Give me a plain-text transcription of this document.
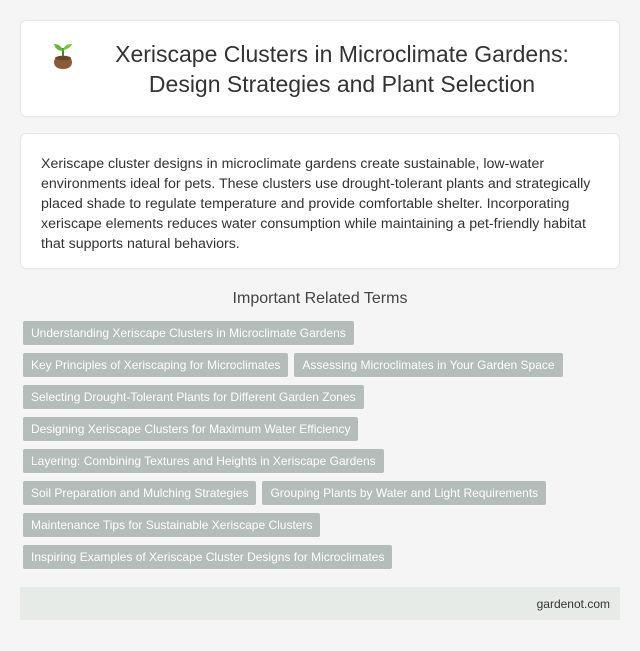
Xeriscape Clusters in Microclimate Gardens: Design Strategies and Plant Selection

Xeriscape cluster designs in microclimate gardens create sustainable, low-water environments ideal for pets. These clusters use drought-tolerant plants and strategically placed shade to regulate temperature and provide comfortable shelter. Incorporating xeriscape elements reduces water consumption while maintaining a pet-friendly habitat that supports natural behaviors.

Important Related Terms
Understanding Xeriscape Clusters in Microclimate Gardens
Key Principles of Xeriscaping for Microclimates	Assessing Microclimates in Your Garden Space
Selecting Drought-Tolerant Plants for Different Garden Zones
Designing Xeriscape Clusters for Maximum Water Efficiency
Layering: Combining Textures and Heights in Xeriscape Gardens
Soil Preparation and Mulching Strategies	Grouping Plants by Water and Light Requirements
Maintenance Tips for Sustainable Xeriscape Clusters
Inspiring Examples of Xeriscape Cluster Designs for Microclimates
gardenot.com
